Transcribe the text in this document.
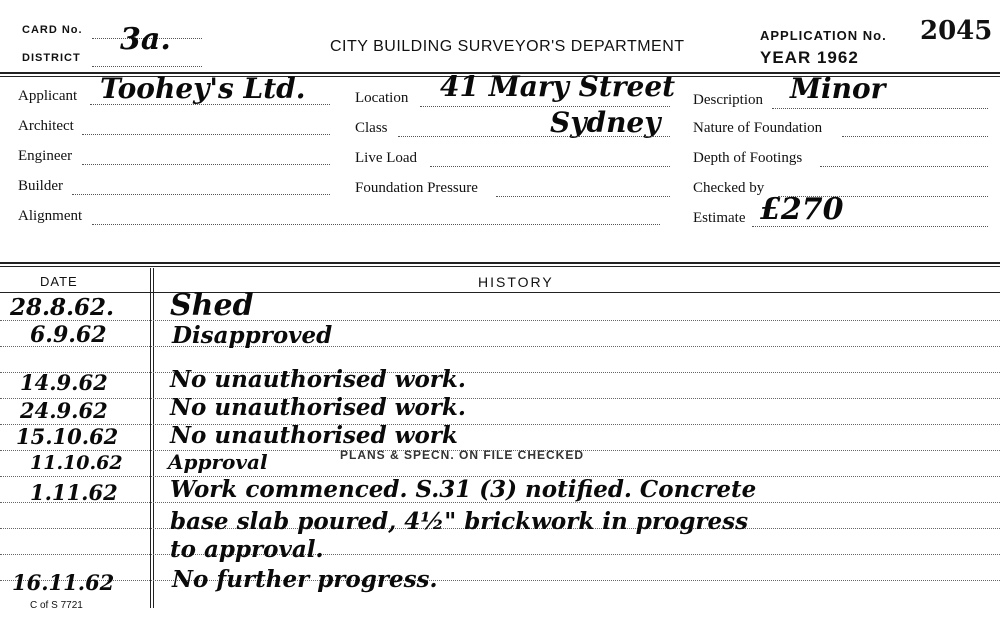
CARD No. 3a.
DISTRICT
CITY BUILDING SURVEYOR'S DEPARTMENT
APPLICATION No. 2045
YEAR 1962
Applicant Toohey's Ltd.
Architect
Engineer
Builder
Alignment
Location 41 Mary Street
Sydney
Class
Live Load
Foundation Pressure
Description Minor
Nature of Foundation
Depth of Footings
Checked by
Estimate £270
DATE	HISTORY
28.8.62. Shed
6.9.62	Disapproved
14.9.62	No unauthorised work.
24.9.62	No unauthorised work.
15.10.62 No unauthorised work
11.10.62 Approval	PLANS & SPECN. ON FILE CHECKED
1.11.62 Work commenced. S.31 (3) notified. Concrete
base slab poured, 4½" brickwork in progress
to approval.
16.11.62	No further progress.
C of S 7721
